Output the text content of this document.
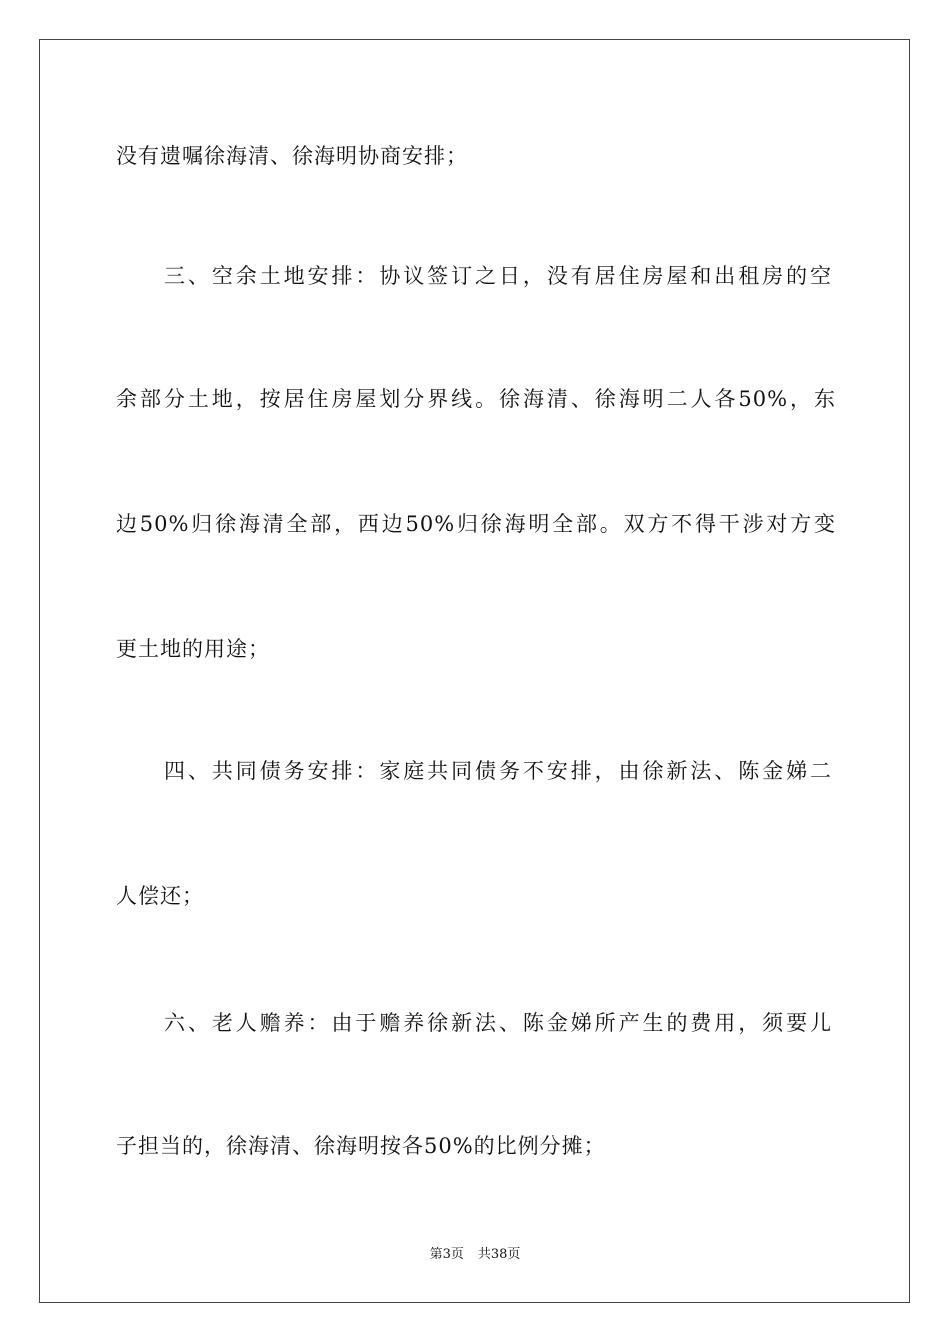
没有遗嘱徐海清、徐海明协商安排；

三、空余土地安排：协议签订之日，没有居住房屋和出租房的空

余部分土地，按居住房屋划分界线。徐海清、徐海明二人各50%，东

边50%归徐海清全部，西边50%归徐海明全部。双方不得干涉对方变

更土地的用途；

四、共同债务安排：家庭共同债务不安排，由徐新法、陈金娣二

人偿还；

六、老人赡养：由于赡养徐新法、陈金娣所产生的费用，须要儿

子担当的，徐海清、徐海明按各50%的比例分摊；

第3页 共38页
